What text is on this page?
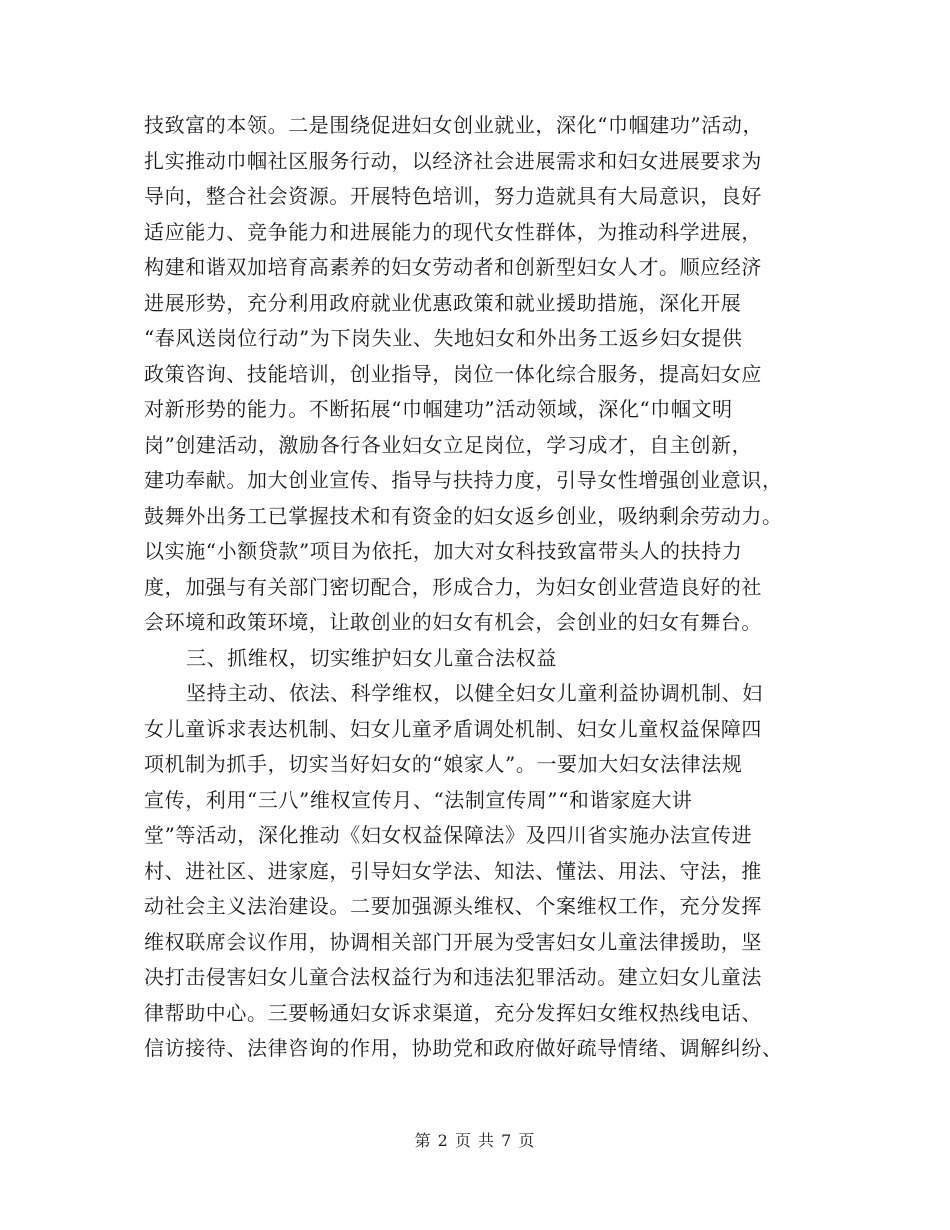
技致富的本领。二是围绕促进妇女创业就业，深化“巾帼建功”活动，
扎实推动巾帼社区服务行动，以经济社会进展需求和妇女进展要求为
导向，整合社会资源。开展特色培训，努力造就具有大局意识，良好
适应能力、竞争能力和进展能力的现代女性群体，为推动科学进展，
构建和谐双加培育高素养的妇女劳动者和创新型妇女人才。顺应经济
进展形势，充分利用政府就业优惠政策和就业援助措施，深化开展
“春风送岗位行动”为下岗失业、失地妇女和外出务工返乡妇女提供
政策咨询、技能培训，创业指导，岗位一体化综合服务，提高妇女应
对新形势的能力。不断拓展“巾帼建功”活动领域，深化“巾帼文明
岗”创建活动，激励各行各业妇女立足岗位，学习成才，自主创新，
建功奉献。加大创业宣传、指导与扶持力度，引导女性增强创业意识，
鼓舞外出务工已掌握技术和有资金的妇女返乡创业，吸纳剩余劳动力。
以实施“小额贷款”项目为依托，加大对女科技致富带头人的扶持力
度，加强与有关部门密切配合，形成合力，为妇女创业营造良好的社
会环境和政策环境，让敢创业的妇女有机会，会创业的妇女有舞台。
三、抓维权，切实维护妇女儿童合法权益
坚持主动、依法、科学维权，以健全妇女儿童利益协调机制、妇
女儿童诉求表达机制、妇女儿童矛盾调处机制、妇女儿童权益保障四
项机制为抓手，切实当好妇女的“娘家人”。一要加大妇女法律法规
宣传，利用“三八”维权宣传月、“法制宣传周”“和谐家庭大讲
堂”等活动，深化推动《妇女权益保障法》及四川省实施办法宣传进
村、进社区、进家庭，引导妇女学法、知法、懂法、用法、守法，推
动社会主义法治建设。二要加强源头维权、个案维权工作，充分发挥
维权联席会议作用，协调相关部门开展为受害妇女儿童法律援助，坚
决打击侵害妇女儿童合法权益行为和违法犯罪活动。建立妇女儿童法
律帮助中心。三要畅通妇女诉求渠道，充分发挥妇女维权热线电话、
信访接待、法律咨询的作用，协助党和政府做好疏导情绪、调解纠纷、
第 2 页 共 7 页
